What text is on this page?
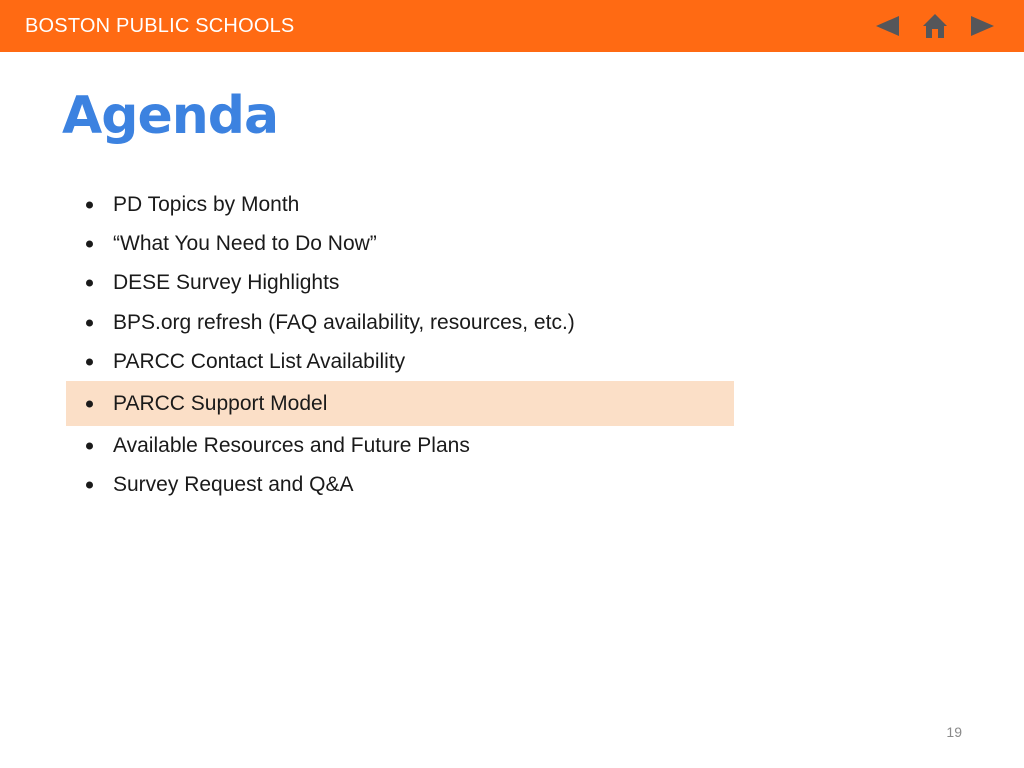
BOSTON PUBLIC SCHOOLS
Agenda
PD Topics by Month
“What You Need to Do Now”
DESE Survey Highlights
BPS.org refresh (FAQ availability, resources, etc.)
PARCC Contact List Availability
PARCC Support Model
Available Resources and Future Plans
Survey Request and Q&A
19
